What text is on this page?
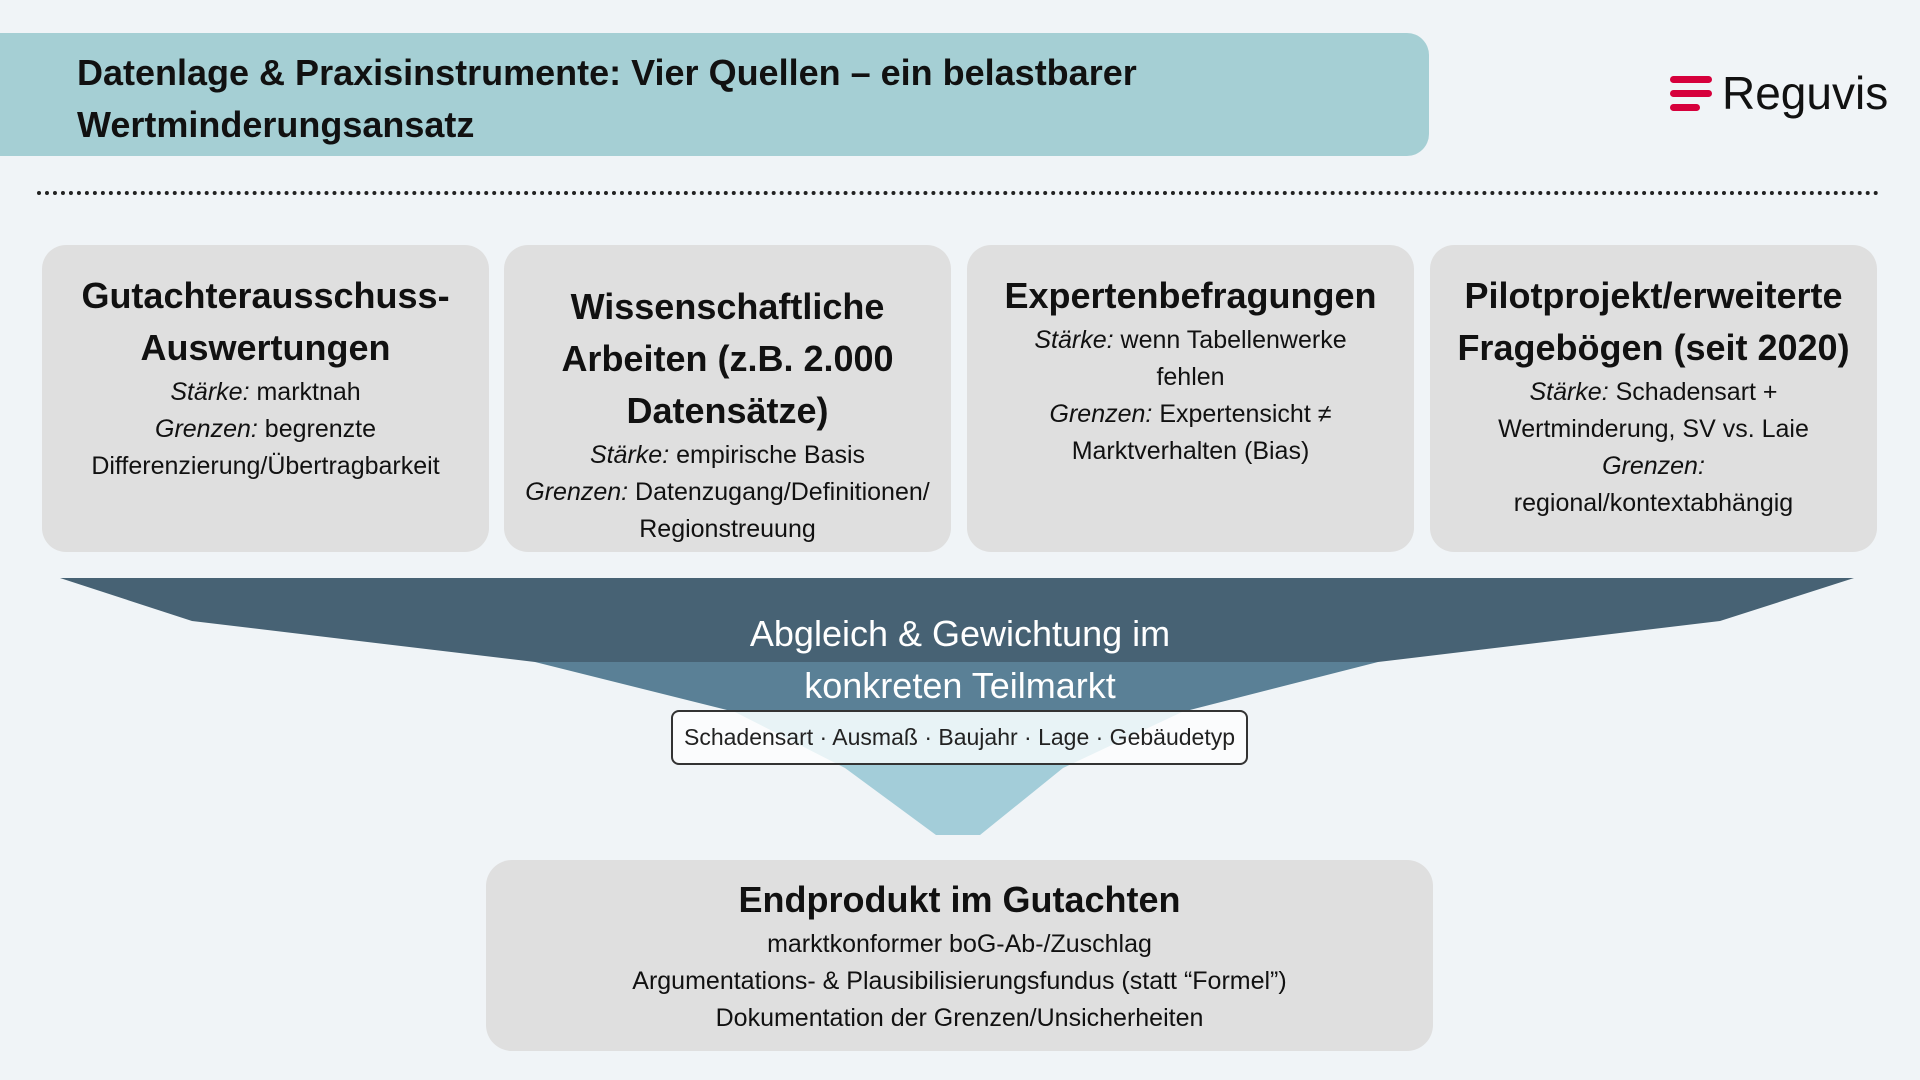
Datenlage & Praxisinstrumente: Vier Quellen – ein belastbarer
Wertminderungsansatz
Reguvis
Gutachterausschuss-
Auswertungen

Stärke: marktnah

Grenzen: begrenzte
Differenzierung/Übertragbarkeit

Wissenschaftliche
Arbeiten (z.B. 2.000
Datensätze)

Stärke: empirische Basis

Grenzen: Datenzugang/Definitionen/
Regionstreuung

Expertenbefragungen

Stärke: wenn Tabellenwerke
fehlen

Grenzen: Expertensicht ≠
Marktverhalten (Bias)

Pilotprojekt/erweiterte
Fragebögen (seit 2020)

Stärke: Schadensart +
Wertminderung, SV vs. Laie

Grenzen:
regional/kontextabhängig

Abgleich & Gewichtung im
konkreten Teilmarkt
Schadensart · Ausmaß · Baujahr · Lage · Gebäudetyp
Endprodukt im Gutachten

marktkonformer boG-Ab-/Zuschlag

Argumentations- & Plausibilisierungsfundus (statt “Formel”)

Dokumentation der Grenzen/Unsicherheiten
